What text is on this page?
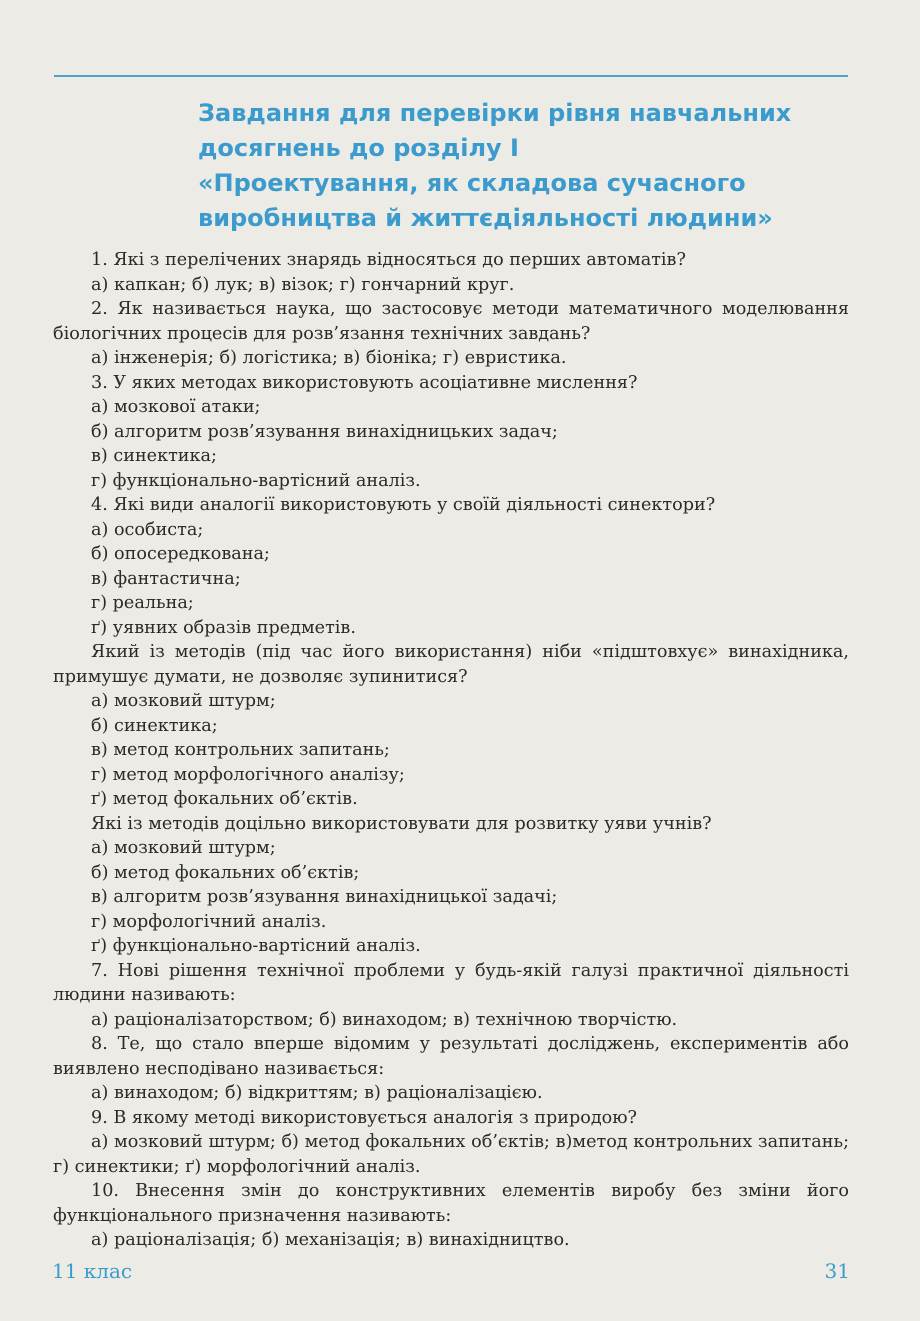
Завдання для перевірки рівня навчальних
досягнень до розділу І
«Проектування, як складова сучасного
виробництва й життєдіяльності людини»

1. Які з перелічених знарядь відносяться до перших автоматів?

а) капкан; б) лук; в) візок; г) гончарний круг.

2. Як називається наука, що застосовує методи математичного моделювання біологічних процесів для розв’язання технічних завдань?

а) інженерія; б) логістика; в) біоніка; г) евристика.

3. У яких методах використовують асоціативне мислення?

а) мозкової атаки;

б) алгоритм розв’язування винахідницьких задач;

в) синектика;

г) функціонально-вартісний аналіз.

4. Які види аналогії використовують у своїй діяльності синектори?

а) особиста;

б) опосередкована;

в) фантастична;

г) реальна;

ґ) уявних образів предметів.

Який із методів (під час його використання) ніби «підштовхує» винахідника, примушує думати, не дозволяє зупинитися?

а) мозковий штурм;

б) синектика;

в) метод контрольних запитань;

г) метод морфологічного аналізу;

ґ) метод фокальних об’єктів.

Які із методів доцільно використовувати для розвитку уяви учнів?

а) мозковий штурм;

б) метод фокальних об’єктів;

в) алгоритм розв’язування винахідницької задачі;

г) морфологічний аналіз.

ґ) функціонально-вартісний аналіз.

7. Нові рішення технічної проблеми у будь-якій галузі практичної діяльності людини називають:

а) раціоналізаторством; б) винаходом; в) технічною творчістю.

8. Те, що стало вперше відомим у результаті досліджень, експериментів або виявлено несподівано називається:

а) винаходом; б) відкриттям; в) раціоналізацією.

9. В якому методі використовується аналогія з природою?

а) мозковий штурм; б) метод фокальних об’єктів; в)метод контрольних запитань; г) синектики; ґ) морфологічний аналіз.

10. Внесення змін до конструктивних елементів виробу без зміни його функціонального призначення називають:

а) раціоналізація; б) механізація; в) винахідництво.

11 клас	31
